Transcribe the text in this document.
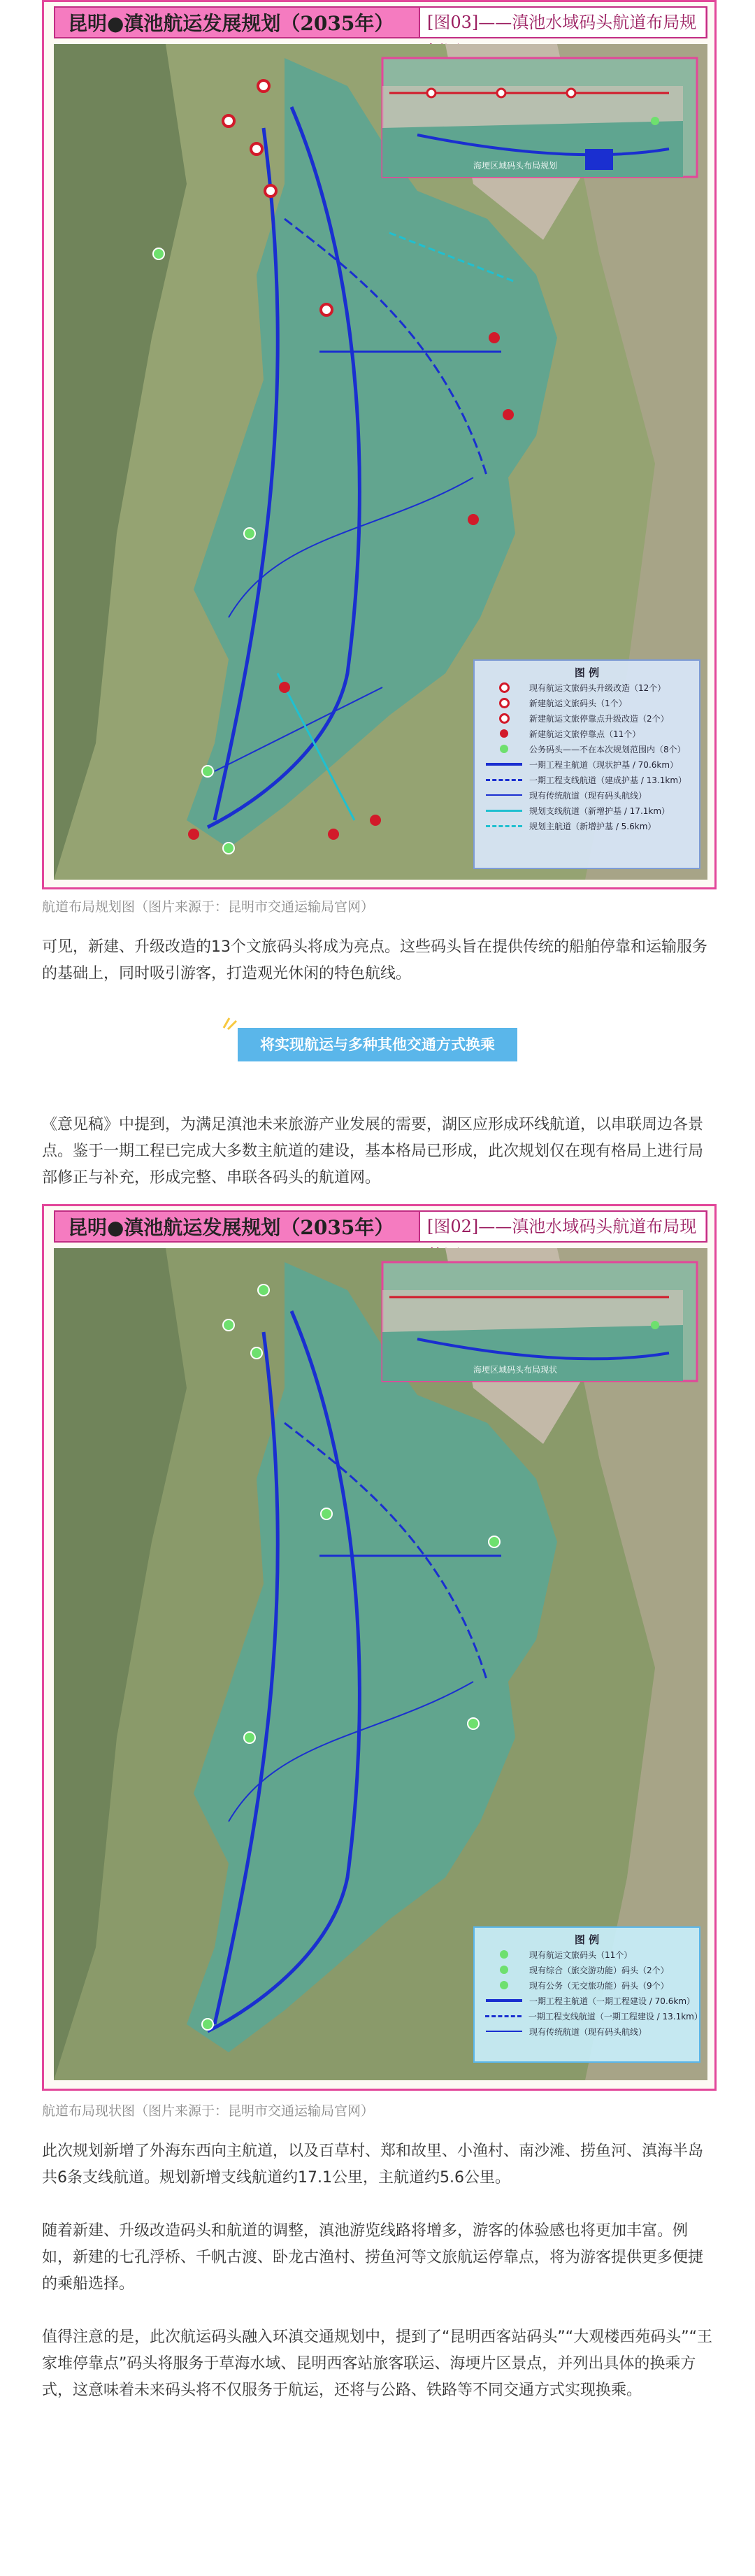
昆明●滇池航运发展规划（2035年）	[图03]——滇池水域码头航道布局规
海埂区域码头布局规划
图 例
现有航运文旅码头升级改造（12个）
新建航运文旅码头（1个）
新建航运文旅停靠点升级改造（2个）
新建航运文旅停靠点（11个）
公务码头——不在本次规划范围内（8个）
一期工程主航道（现状护基 / 70.6km）
一期工程支线航道（建成护基 / 13.1km）
现有传统航道（现有码头航线）
规划支线航道（新增护基 / 17.1km）
规划主航道（新增护基 / 5.6km）
航道布局规划图（图片来源于：昆明市交通运输局官网）

可见，新建、升级改造的13个文旅码头将成为亮点。这些码头旨在提供传统的船舶停靠和运输服务的基础上，同时吸引游客，打造观光休闲的特色航线。

将实现航运与多种其他交通方式换乘

《意见稿》中提到，为满足滇池未来旅游产业发展的需要，湖区应形成环线航道，以串联周边各景点。鉴于一期工程已完成大多数主航道的建设，基本格局已形成，此次规划仅在现有格局上进行局部修正与补充，形成完整、串联各码头的航道网。

昆明●滇池航运发展规划（2035年）	[图02]——滇池水域码头航道布局现
海埂区域码头布局现状
图 例
现有航运文旅码头（11个）
现有综合（旅交游功能）码头（2个）
现有公务（无交旅功能）码头（9个）
一期工程主航道（一期工程建设 / 70.6km）
一期工程支线航道（一期工程建设 / 13.1km）
现有传统航道（现有码头航线）
航道布局现状图（图片来源于：昆明市交通运输局官网）

此次规划新增了外海东西向主航道，以及百草村、郑和故里、小渔村、南沙滩、捞鱼河、滇海半岛共6条支线航道。规划新增支线航道约17.1公里，主航道约5.6公里。

随着新建、升级改造码头和航道的调整，滇池游览线路将增多，游客的体验感也将更加丰富。例如，新建的七孔浮桥、千帆古渡、卧龙古渔村、捞鱼河等文旅航运停靠点，将为游客提供更多便捷的乘船选择。

值得注意的是，此次航运码头融入环滇交通规划中，提到了“昆明西客站码头”“大观楼西苑码头”“王家堆停靠点”码头将服务于草海水域、昆明西客站旅客联运、海埂片区景点，并列出具体的换乘方式，这意味着未来码头将不仅服务于航运，还将与公路、铁路等不同交通方式实现换乘。
